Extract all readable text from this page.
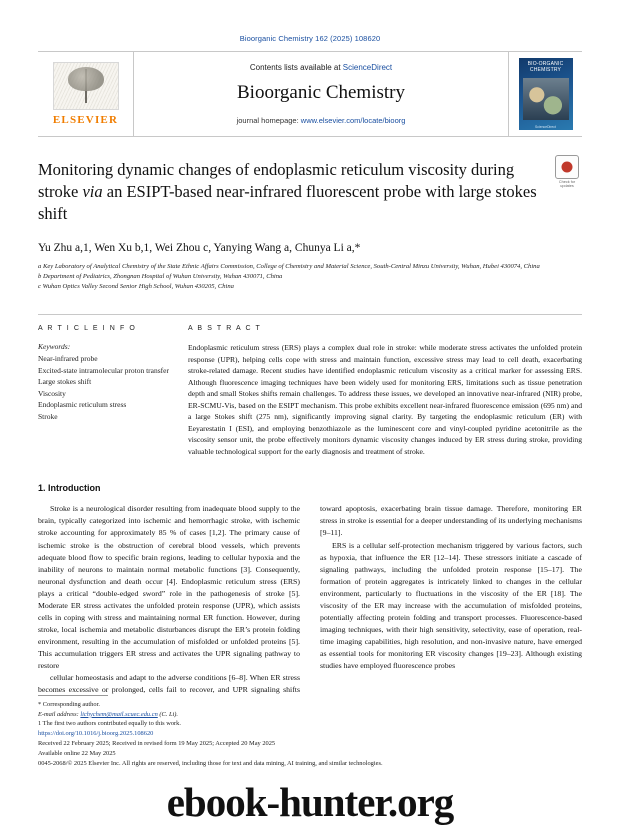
Bioorganic Chemistry 162 (2025) 108620
ELSEVIER
Contents lists available at ScienceDirect
Bioorganic Chemistry
journal homepage: www.elsevier.com/locate/bioorg
BIO-ORGANIC CHEMISTRY
ScienceDirect
Monitoring dynamic changes of endoplasmic reticulum viscosity during stroke via an ESIPT-based near-infrared fluorescent probe with large stokes shift
Check for updates
Yu Zhu a,1, Wen Xu b,1, Wei Zhou c, Yanying Wang a, Chunya Li a,*
a Key Laboratory of Analytical Chemistry of the State Ethnic Affairs Commission, College of Chemistry and Material Science, South-Central Minzu University, Wuhan, Hubei 430074, China
b Department of Pediatrics, Zhongnan Hospital of Wuhan University, Wuhan 430071, China
c Wuhan Optics Valley Second Senior High School, Wuhan 430205, China
A R T I C L E I N F O
Keywords:
Near-infrared probe
Excited-state intramolecular proton transfer
Large stokes shift
Viscosity
Endoplasmic reticulum stress
Stroke
A B S T R A C T
Endoplasmic reticulum stress (ERS) plays a complex dual role in stroke: while moderate stress activates the unfolded protein response (UPR), helping cells cope with stress and maintain function, excessive stress may lead to cell death, exacerbating stroke-related damage. Recent studies have identified endoplasmic reticulum viscosity as a critical marker for assessing ERS. Although fluorescence imaging techniques have been widely used for monitoring ERS, limitations such as tissue penetration depth and small Stokes shifts remain challenges. To address these issues, we developed an innovative near-infrared (NIR) probe, ER-SCMU-Vis, based on the ESIPT mechanism. This probe exhibits excellent near-infrared fluorescence emission (695 nm) and a large Stokes shift (275 nm), significantly improving signal clarity. By targeting the endoplasmic reticulum (ER) with Eeyarestatin I (ESI), and employing benzothiazole as the luminescent core and vinyl-coupled pyridine acetonitrile as the viscosity sensor unit, the probe effectively monitors dynamic viscosity changes induced by ER stress during stroke, providing valuable technological support for the early diagnosis and treatment of stroke.
1. Introduction

Stroke is a neurological disorder resulting from inadequate blood supply to the brain, typically categorized into ischemic and hemorrhagic stroke, with ischemic stroke accounting for approximately 85 % of cases [1,2]. The primary cause of ischemic stroke is the obstruction of cerebral blood vessels, which prevents adequate blood flow to specific brain regions, leading to cellular hypoxia and the inability of neurons to maintain normal metabolic functions [3]. Consequently, neuronal dysfunction and death occur [4]. Endoplasmic reticulum stress (ERS) plays a critical “double-edged sword” role in the pathogenesis of stroke [5]. Moderate ER stress activates the unfolded protein response (UPR), which assists cells in coping with stress and maintaining normal ER function. However, during stroke, local ischemia and metabolic disturbances disrupt the ER’s protein folding environment, resulting in the accumulation of misfolded or unfolded proteins [5]. This accumulation triggers ER stress and activates the UPR signaling pathway to restore

cellular homeostasis and adapt to the adverse conditions [6–8]. When ER stress becomes excessive or prolonged, cells fail to recover, and UPR signaling shifts toward apoptosis, exacerbating brain tissue damage. Therefore, monitoring ER stress in stroke is essential for a deeper understanding of its underlying mechanisms [9–11].

ERS is a cellular self-protection mechanism triggered by various factors, such as hypoxia, that influence the ER [12–14]. These stressors initiate a cascade of signaling pathways, including the unfolded protein response [15–17]. The formation of protein aggregates is intricately linked to changes in the cellular environment, particularly to fluctuations in the viscosity of the ER [18]. The viscosity of the ER may increase with the accumulation of misfolded proteins, potentially affecting protein folding and transport processes. Fluorescence-based imaging techniques, with their high sensitivity, selectivity, ease of operation, real-time imaging capabilities, high resolution, and non-invasive nature, have emerged as essential tools for monitoring ER viscosity changes [19–23]. Although existing studies have employed fluorescence probes

* Corresponding author.
E-mail address: lichychem@mail.scuec.edu.cn (C. Li).
1 The first two authors contributed equally to this work.
https://doi.org/10.1016/j.bioorg.2025.108620
Received 22 February 2025; Received in revised form 19 May 2025; Accepted 20 May 2025
Available online 22 May 2025
0045-2068/© 2025 Elsevier Inc. All rights are reserved, including those for text and data mining, AI training, and similar technologies.
ebook-hunter.org
